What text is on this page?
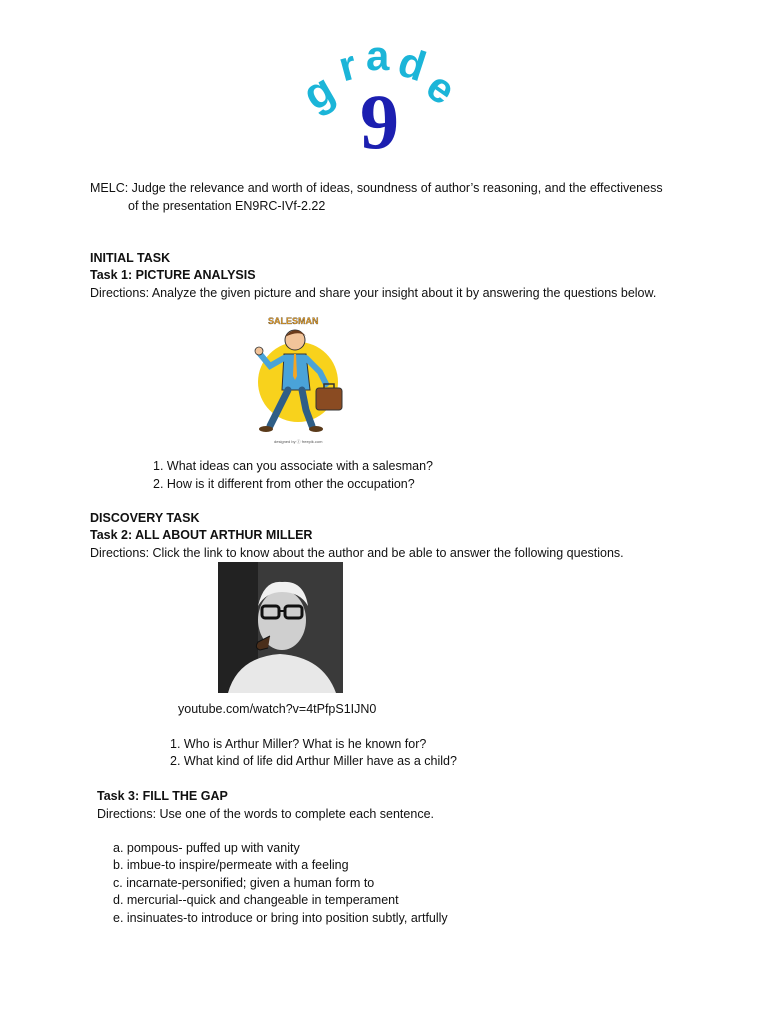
g
r a d
e
9
MELC: Judge the relevance and worth of ideas, soundness of author’s reasoning, and the effectiveness
of the presentation EN9RC-IVf-2.22
INITIAL TASK
Task 1: PICTURE ANALYSIS
Directions: Analyze the given picture and share your insight about it by answering the questions below.
SALESMAN
designed by ⓕ freepik.com
1. What ideas can you associate with a salesman?
2. How is it different from other the occupation?
DISCOVERY TASK
Task 2: ALL ABOUT ARTHUR MILLER
Directions: Click the link to know about the author and be able to answer the following questions.
youtube.com/watch?v=4tPfpS1IJN0
1. Who is Arthur Miller? What is he known for?
2. What kind of life did Arthur Miller have as a child?
Task 3: FILL THE GAP
Directions: Use one of the words to complete each sentence.
a. pompous- puffed up with vanity
b. imbue-to inspire/permeate with a feeling
c. incarnate-personified; given a human form to
d. mercurial--quick and changeable in temperament
e. insinuates-to introduce or bring into position subtly, artfully
